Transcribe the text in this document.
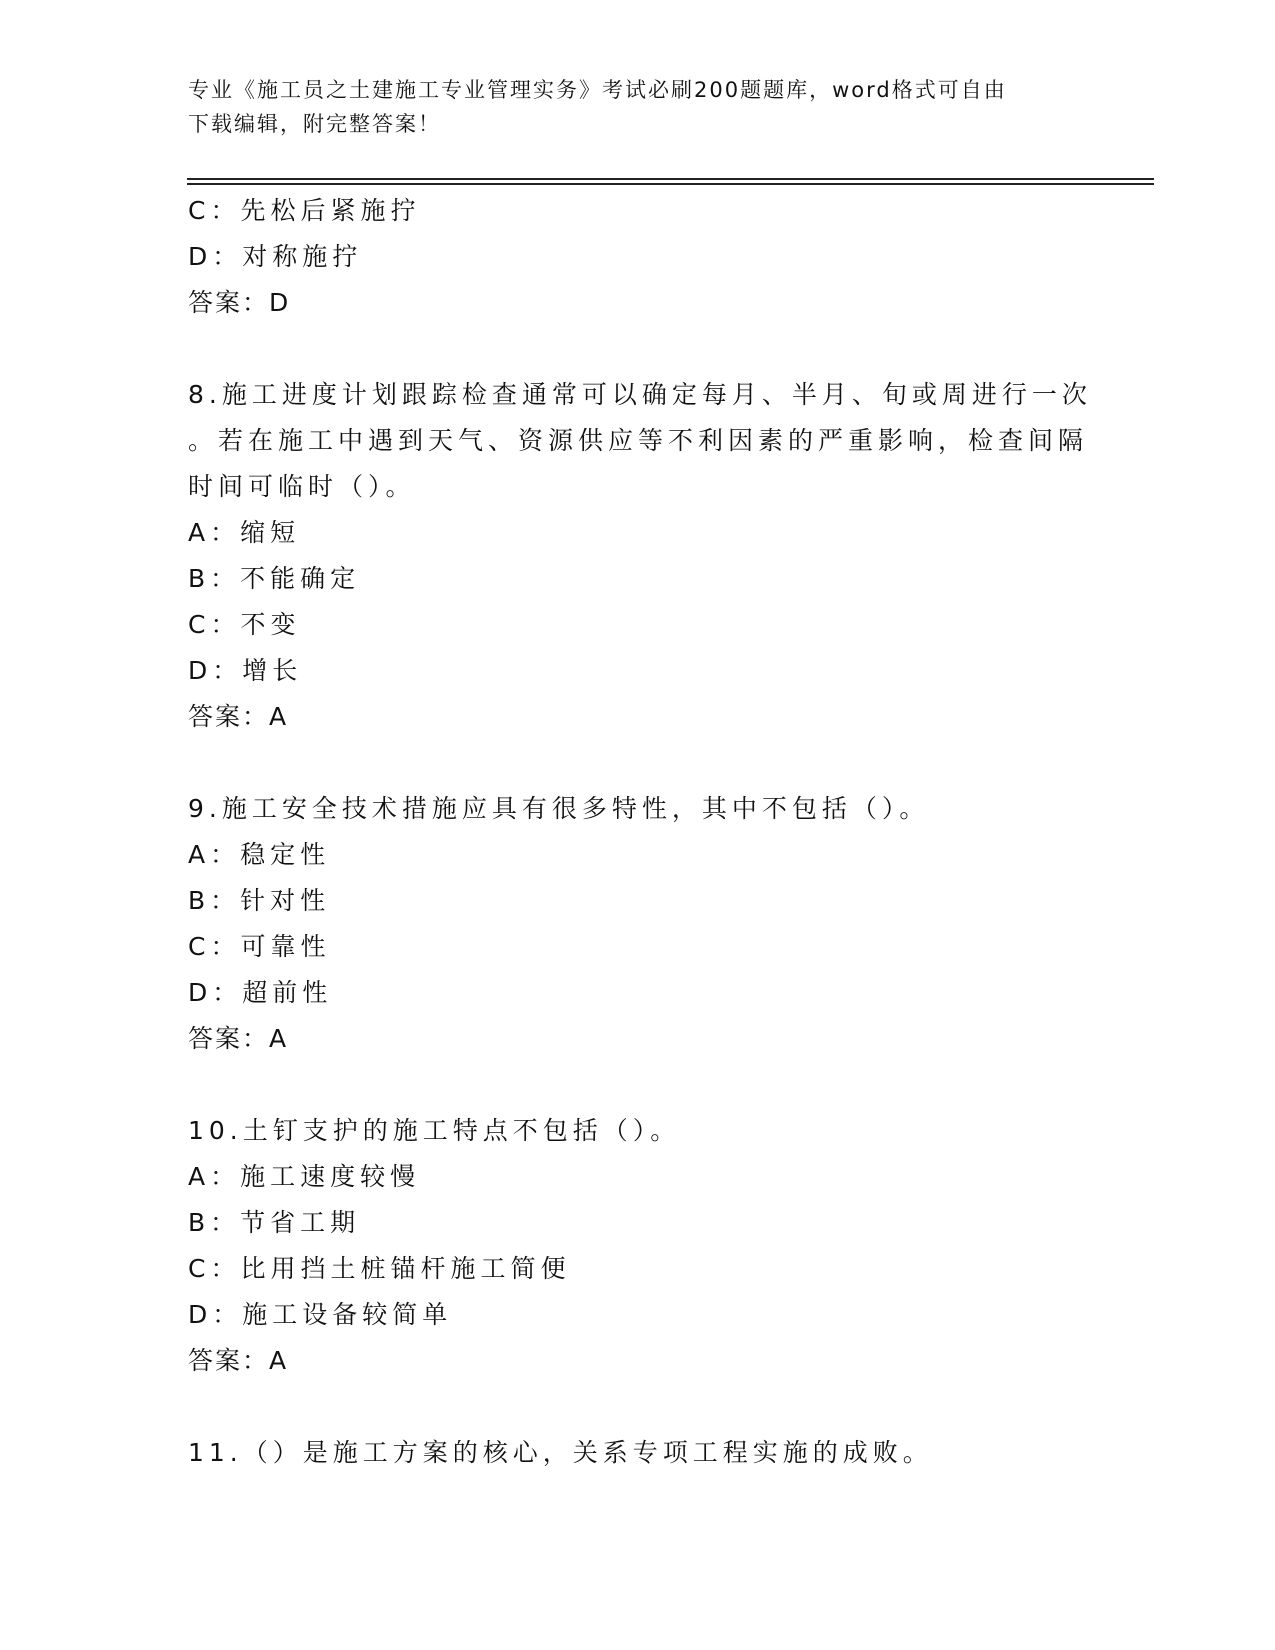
专业《施工员之土建施工专业管理实务》考试必刷200题题库，word格式可自由
下载编辑，附完整答案！

C：先松后紧施拧

D：对称施拧

答案：D

8.施工进度计划跟踪检查通常可以确定每月、半月、旬或周进行一次

。若在施工中遇到天气、资源供应等不利因素的严重影响，检查间隔

时间可临时（）。

A：缩短

B：不能确定

C：不变

D：增长

答案：A

9.施工安全技术措施应具有很多特性，其中不包括（）。

A：稳定性

B：针对性

C：可靠性

D：超前性

答案：A

10.土钉支护的施工特点不包括（）。

A：施工速度较慢

B：节省工期

C：比用挡土桩锚杆施工简便

D：施工设备较简单

答案：A

11.（）是施工方案的核心，关系专项工程实施的成败。
